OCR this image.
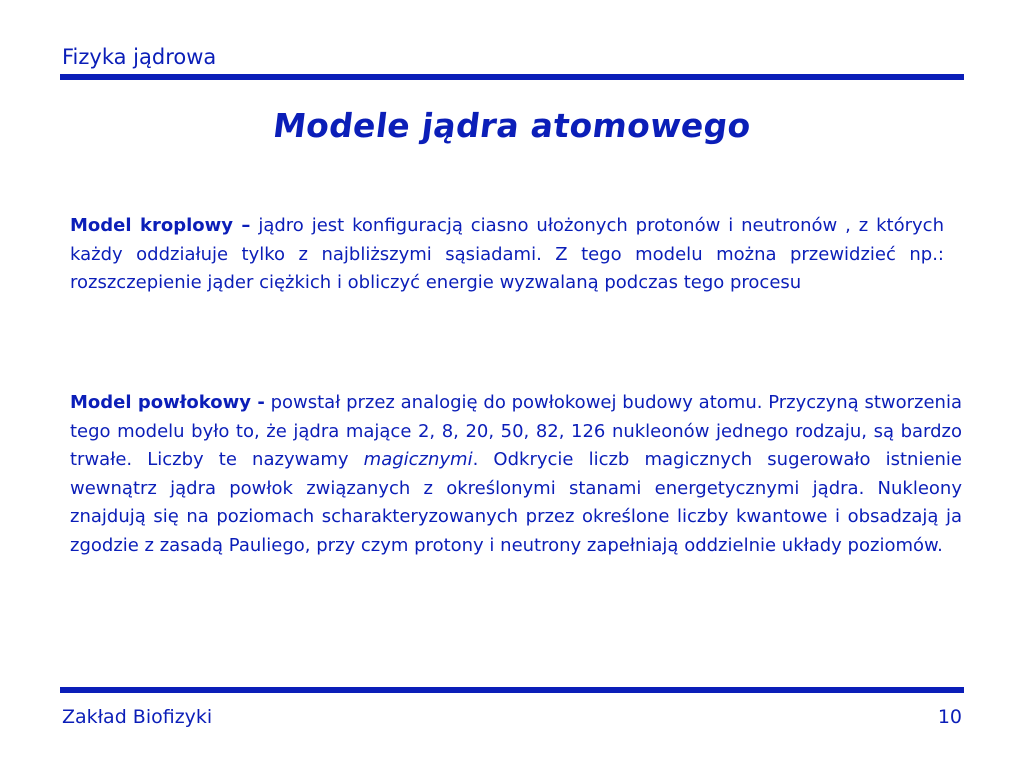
Fizyka jądrowa
Modele jądra atomowego
Model kroplowy – jądro jest konfiguracją ciasno ułożonych protonów i neutronów , z których każdy oddziałuje tylko z najbliższymi sąsiadami. Z tego modelu można przewidzieć np.: rozszczepienie jąder ciężkich i obliczyć energie wyzwalaną podczas tego procesu
Model powłokowy - powstał przez analogię do powłokowej budowy atomu. Przyczyną stworzenia tego modelu było to, że jądra mające 2, 8, 20, 50, 82, 126 nukleonów jednego rodzaju, są bardzo trwałe. Liczby te nazywamy magicznymi. Odkrycie liczb magicznych sugerowało istnienie wewnątrz jądra powłok związanych z określonymi stanami energetycznymi jądra. Nukleony znajdują się na poziomach scharakteryzowanych przez określone liczby kwantowe i obsadzają ja zgodzie z zasadą Pauliego, przy czym protony i neutrony zapełniają oddzielnie układy poziomów.
Zakład Biofizyki	10
